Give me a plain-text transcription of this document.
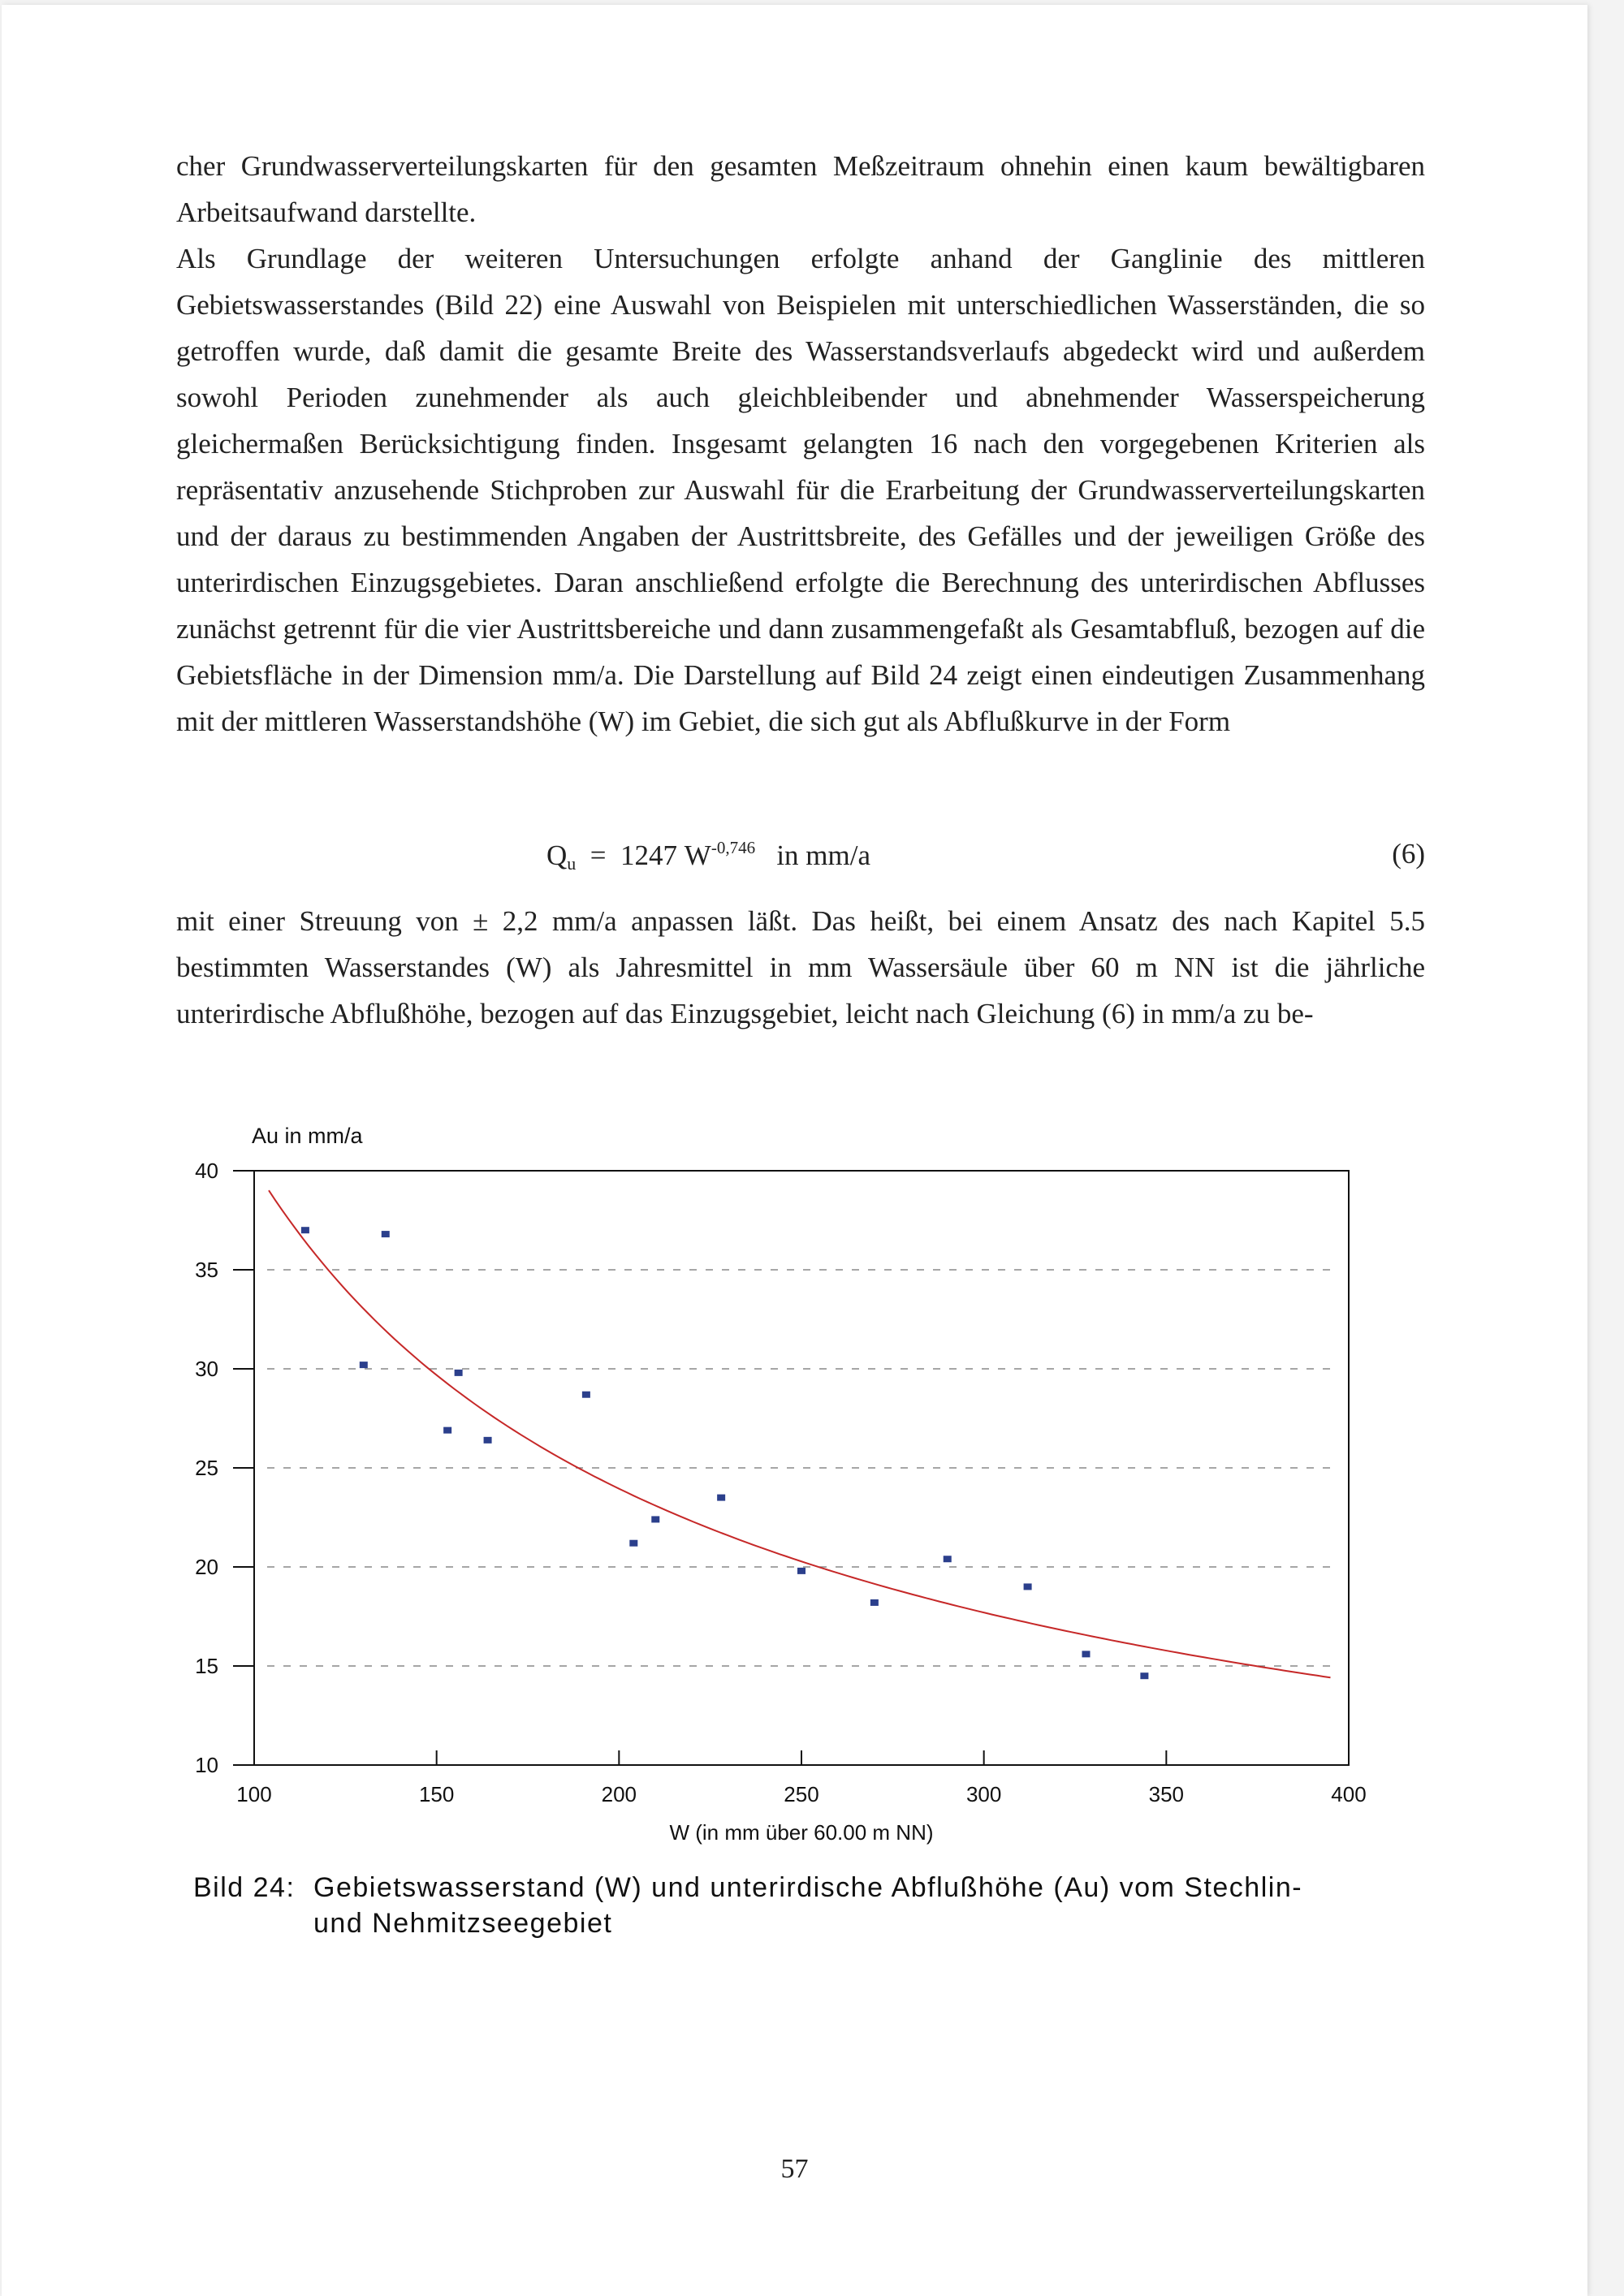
cher Grundwasserverteilungskarten für den gesamten Meßzeitraum ohnehin einen kaum bewältigbaren Arbeitsaufwand darstellte.

Als Grundlage der weiteren Untersuchungen erfolgte anhand der Ganglinie des mittleren Gebietswasserstandes (Bild 22) eine Auswahl von Beispielen mit unterschiedlichen Wasserständen, die so getroffen wurde, daß damit die gesamte Breite des Wasserstandsverlaufs abgedeckt wird und außerdem sowohl Perioden zunehmender als auch gleichbleibender und abnehmender Wasserspeicherung gleichermaßen Berücksichtigung finden. Insgesamt gelangten 16 nach den vorgegebenen Kriterien als repräsentativ anzusehende Stichproben zur Auswahl für die Erarbeitung der Grundwasserverteilungskarten und der daraus zu bestimmenden Angaben der Austrittsbreite, des Gefälles und der jeweiligen Größe des unterirdischen Einzugsgebietes. Daran anschließend erfolgte die Berechnung des unterirdischen Abflusses zunächst getrennt für die vier Austrittsbereiche und dann zusammengefaßt als Gesamtabfluß, bezogen auf die Gebietsfläche in der Dimension mm/a. Die Darstellung auf Bild 24 zeigt einen eindeutigen Zusammenhang mit der mittleren Wasserstandshöhe (W) im Gebiet, die sich gut als Abflußkurve in der Form

$Q_u = 1247$ $W^{-0,746}$ in mm/a	(6)

mit einer Streuung von ± 2,2 mm/a anpassen läßt. Das heißt, bei einem Ansatz des nach Kapitel 5.5 bestimmten Wasserstandes (W) als Jahresmittel in mm Wassersäule über 60 m NN ist die jährliche unterirdische Abflußhöhe, bezogen auf das Einzugsgebiet, leicht nach Gleichung (6) in mm/a zu be-

Au in mm/a
10
15
20
25
30
35
40
100	150	200	250	300	350	400
W (in mm über 60.00 m NN)
Bild 24: Gebietswasserstand (W) und unterirdische Abflußhöhe (Au) vom Stechlin-
und Nehmitzseegebiet
57
